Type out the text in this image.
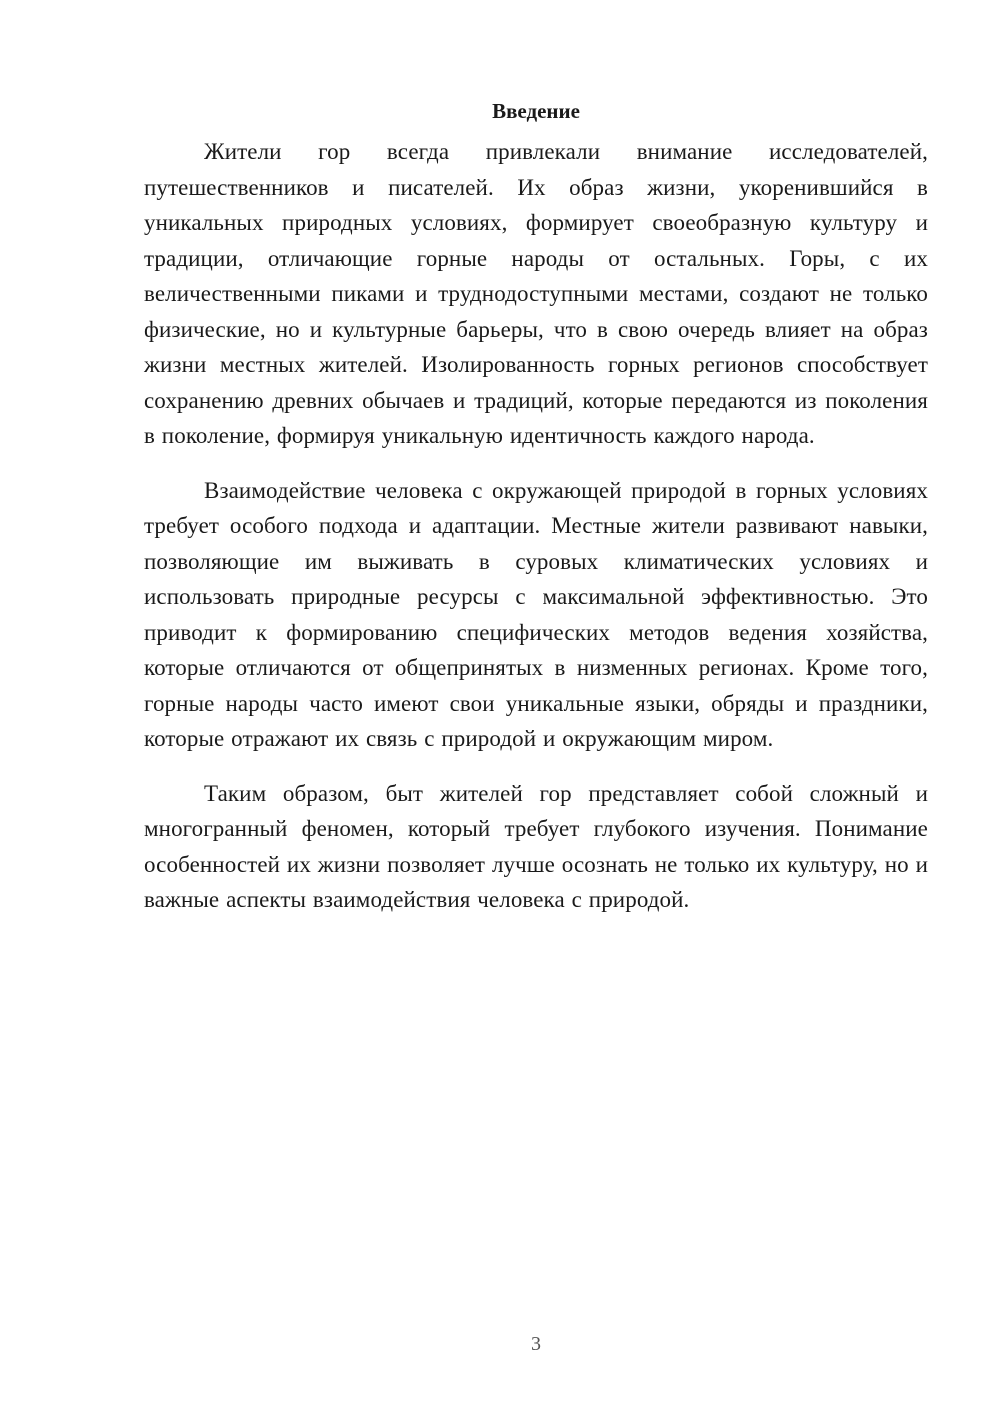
Введение

Жители гор всегда привлекали внимание исследователей, путешественников и писателей. Их образ жизни, укоренившийся в уникальных природных условиях, формирует своеобразную культуру и традиции, отличающие горные народы от остальных. Горы, с их величественными пиками и труднодоступными местами, создают не только физические, но и культурные барьеры, что в свою очередь влияет на образ жизни местных жителей. Изолированность горных регионов способствует сохранению древних обычаев и традиций, которые передаются из поколения в поколение, формируя уникальную идентичность каждого народа.

Взаимодействие человека с окружающей природой в горных условиях требует особого подхода и адаптации. Местные жители развивают навыки, позволяющие им выживать в суровых климатических условиях и использовать природные ресурсы с максимальной эффективностью. Это приводит к формированию специфических методов ведения хозяйства, которые отличаются от общепринятых в низменных регионах. Кроме того, горные народы часто имеют свои уникальные языки, обряды и праздники, которые отражают их связь с природой и окружающим миром.

Таким образом, быт жителей гор представляет собой сложный и многогранный феномен, который требует глубокого изучения. Понимание особенностей их жизни позволяет лучше осознать не только их культуру, но и важные аспекты взаимодействия человека с природой.

3
